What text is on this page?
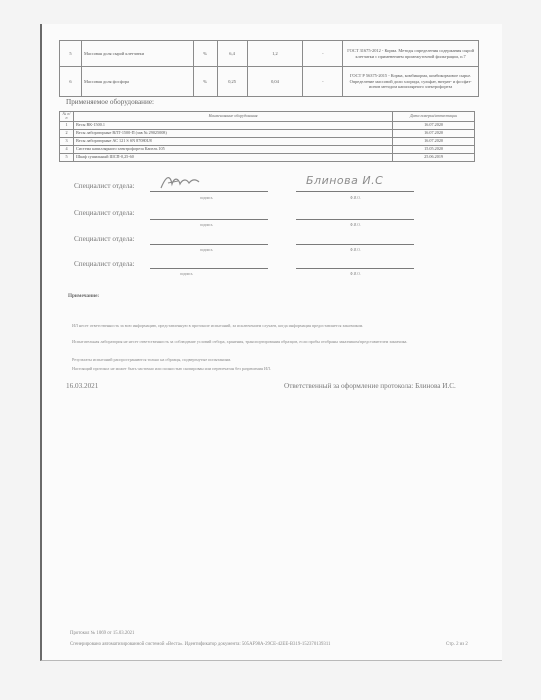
5	Массовая доля сырой клетчатки	%	6,4	1,2	-	ГОСТ 31675-2012 - Корма. Методы определения содержания сырой клетчатки с применением промежуточной фильтрации, п.7
6	Массовая доля фосфора	%	0,25	0,04	-	ГОСТ Р 56375-2015 - Корма, комбикорма, комбикормовое сырье. Определение массовой доли хлорида, сульфат, нитрат- и фосфат-ионов методом капиллярного электрофореза
Применяемое оборудование:
№ п/п	Наименование оборудования	Дата поверки/аттестации
1	Весы ВК-1500.1	16.07.2020
2	Весы лабораторные ВЛТ-1500-П (зав № 29025008)	16.07.2020
3	Весы лабораторные АС 121 S SN 87080U8	16.07.2020
4	Система капиллярного электрофореза Капель 105	15.05.2020
5	Шкаф сушильный ШСП-0,25-60	25.06.2019
Специалист отдела:	Блинова И.С
подпись	Ф.И.О.
Специалист отдела:
подпись	Ф.И.О.
Специалист отдела:
подпись	Ф.И.О.
Специалист отдела:
подпись	Ф.И.О.
Примечание:
ИЛ несет ответственность за всю информацию, представленную в протоколе испытаний, за исключением случаев, когда информация предоставляется заказчиком.
Испытательная лаборатория не несет ответственность за соблюдение условий отбора, хранения, транспортирования образцов, если пробы отобраны заказчиком/представителем заказчика.
Результаты испытаний распространяются только на образцы, подвергнутые испытаниям.
Настоящий протокол не может быть частично или полностью скопирован или перепечатан без разрешения ИЛ.
16.03.2021	Ответственный за оформление протокола: Блинова И.С.
Протокол № 1069 от 15.03.2021
Сгенерировано автоматизированной системой «Веста». Идентификатор документа: 505AF98A-29CE-42EE-B319-152370139311	Стр. 2 из 2
